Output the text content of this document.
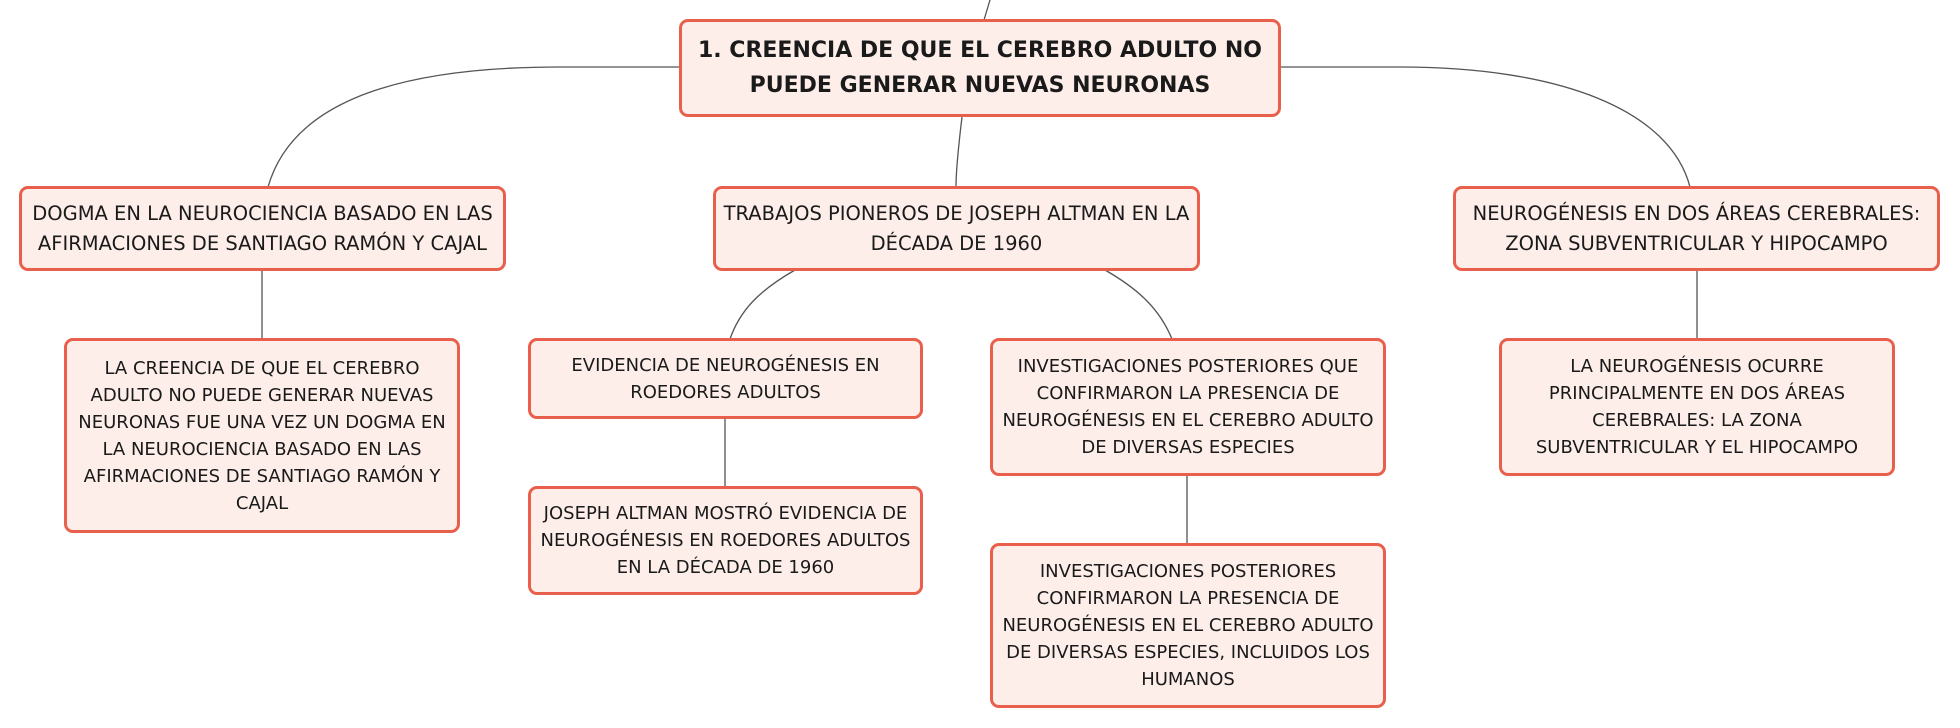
1. CREENCIA DE QUE EL CEREBRO ADULTO NO PUEDE GENERAR NUEVAS NEURONAS
DOGMA EN LA NEUROCIENCIA BASADO EN LAS AFIRMACIONES DE SANTIAGO RAMÓN Y CAJAL
TRABAJOS PIONEROS DE JOSEPH ALTMAN EN LA DÉCADA DE 1960
NEUROGÉNESIS EN DOS ÁREAS CEREBRALES: ZONA SUBVENTRICULAR Y HIPOCAMPO
LA CREENCIA DE QUE EL CEREBRO ADULTO NO PUEDE GENERAR NUEVAS NEURONAS FUE UNA VEZ UN DOGMA EN LA NEUROCIENCIA BASADO EN LAS AFIRMACIONES DE SANTIAGO RAMÓN Y CAJAL
EVIDENCIA DE NEUROGÉNESIS EN ROEDORES ADULTOS
INVESTIGACIONES POSTERIORES QUE CONFIRMARON LA PRESENCIA DE NEUROGÉNESIS EN EL CEREBRO ADULTO DE DIVERSAS ESPECIES
JOSEPH ALTMAN MOSTRÓ EVIDENCIA DE NEUROGÉNESIS EN ROEDORES ADULTOS EN LA DÉCADA DE 1960	INVESTIGACIONES POSTERIORES CONFIRMARON LA PRESENCIA DE NEUROGÉNESIS EN EL CEREBRO ADULTO DE DIVERSAS ESPECIES, INCLUIDOS LOS HUMANOS
LA NEUROGÉNESIS OCURRE PRINCIPALMENTE EN DOS ÁREAS CEREBRALES: LA ZONA SUBVENTRICULAR Y EL HIPOCAMPO
